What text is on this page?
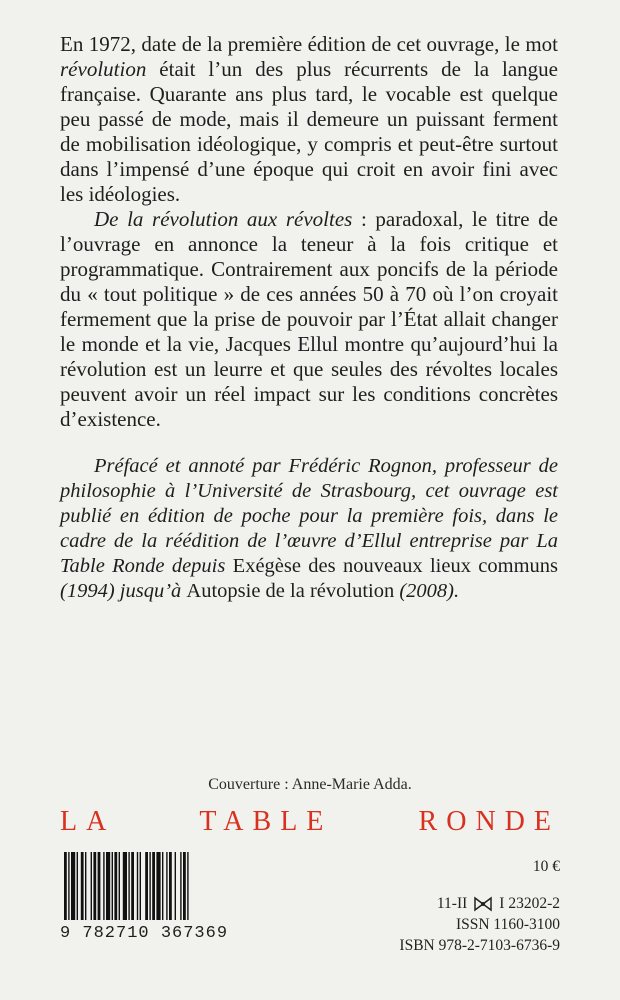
En 1972, date de la première édition de cet ouvrage, le mot révolution était l’un des plus récurrents de la langue française. Quarante ans plus tard, le vocable est quelque peu passé de mode, mais il demeure un puissant ferment de mobilisation idéologique, y compris et peut-être surtout dans l’impensé d’une époque qui croit en avoir fini avec les idéologies.

De la révolution aux révoltes : paradoxal, le titre de l’ouvrage en annonce la teneur à la fois critique et programmatique. Contrairement aux poncifs de la période du « tout politique » de ces années 50 à 70 où l’on croyait fermement que la prise de pouvoir par l’État allait changer le monde et la vie, Jacques Ellul montre qu’aujourd’hui la révolution est un leurre et que seules des révoltes locales peuvent avoir un réel impact sur les conditions concrètes d’existence.

Préfacé et annoté par Frédéric Rognon, professeur de philosophie à l’Université de Strasbourg, cet ouvrage est publié en édition de poche pour la première fois, dans le cadre de la réédition de l’œuvre d’Ellul entreprise par La Table Ronde depuis Exégèse des nouveaux lieux communs (1994) jusqu’à Autopsie de la révolution (2008).

Couverture : Anne-Marie Adda.
LA TABLE RONDE
9 782710 367369
10 €
11-II I 23202-2
ISSN 1160-3100
ISBN 978-2-7103-6736-9
